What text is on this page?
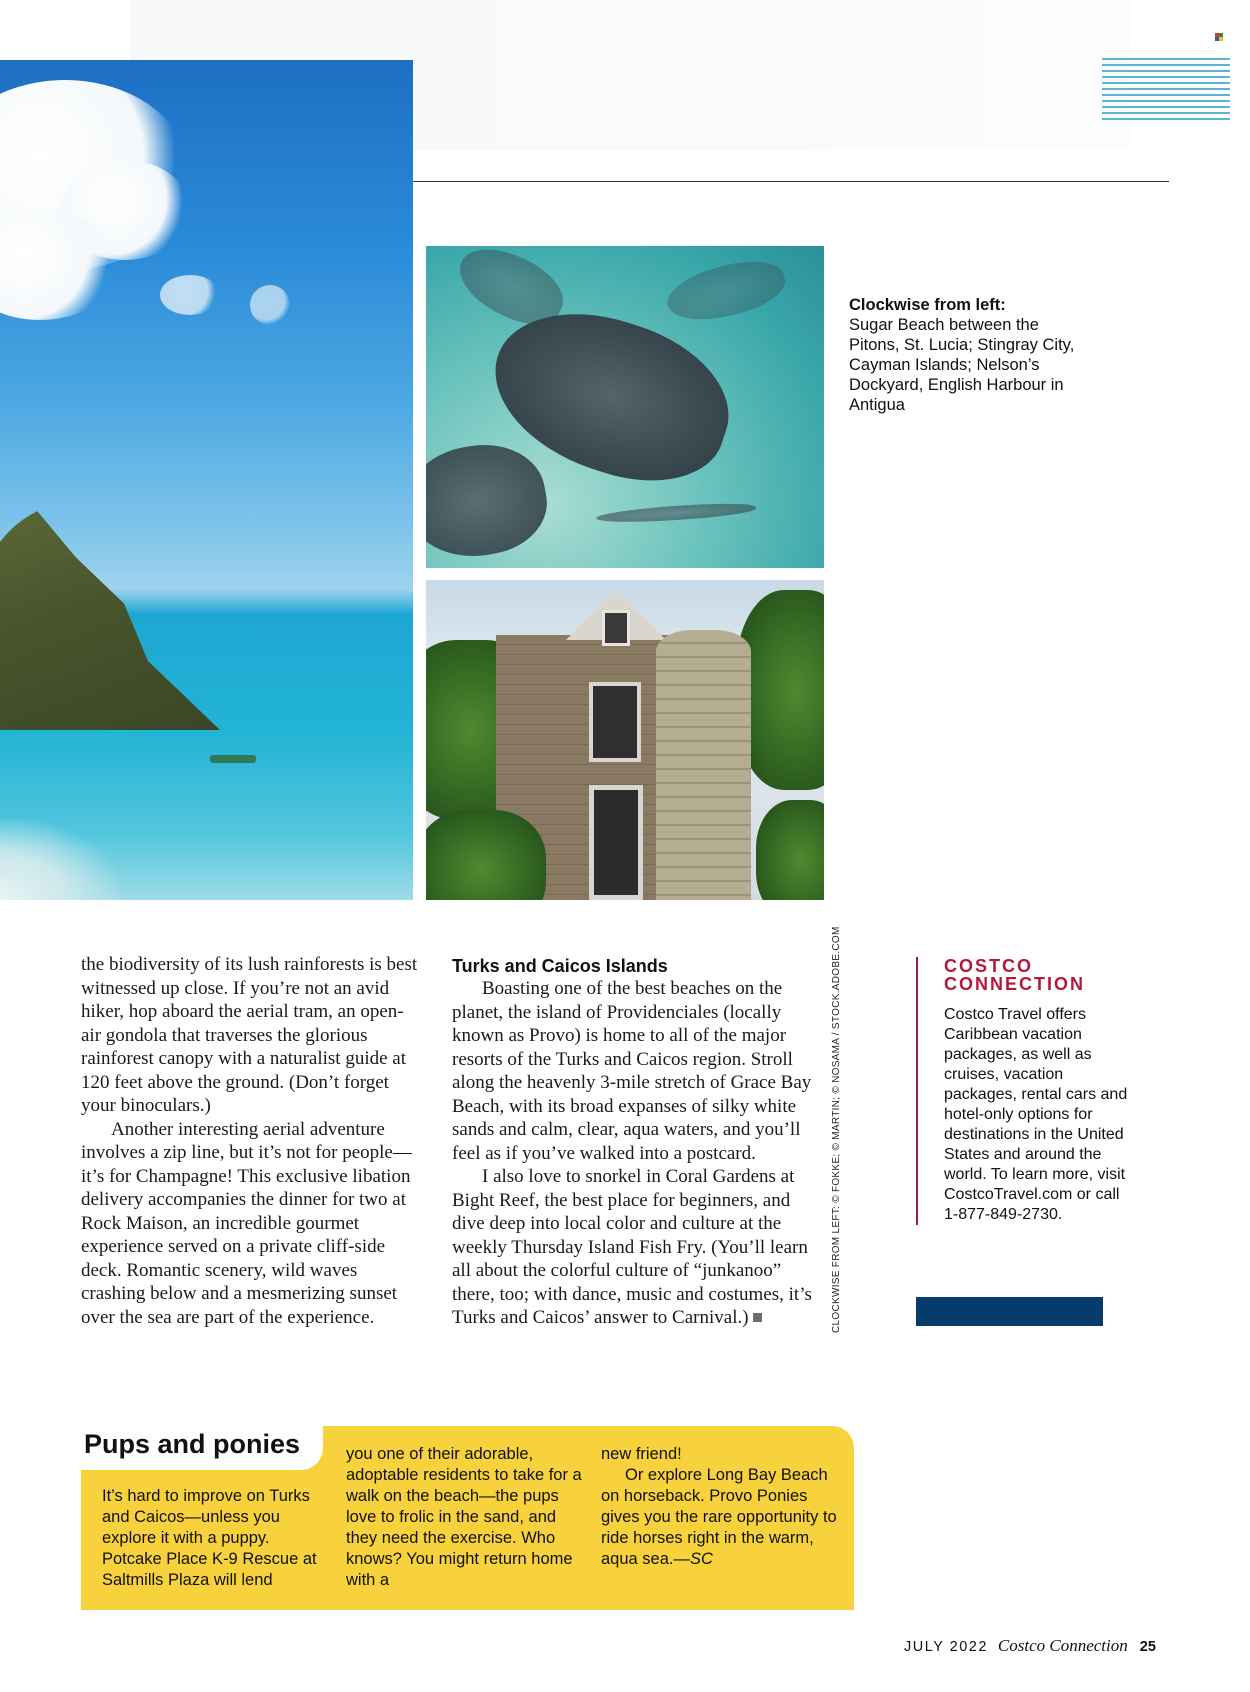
CLOCKWISE FROM LEFT: © FOKKE; © MARTIN; © NOSAMA / STOCK.ADOBE.COM
Clockwise from left:
Sugar Beach between the Pitons, St. Lucia; Stingray City, Cayman Islands; Nelson’s Dockyard, English Harbour in Antigua

the biodiversity of its lush rainforests is best witnessed up close. If you’re not an avid hiker, hop aboard the aerial tram, an open-air gondola that traverses the glorious rainforest canopy with a naturalist guide at 120 feet above the ground. (Don’t forget your binoculars.)

Another interesting aerial adventure involves a zip line, but it’s not for people—it’s for Champagne! This exclusive libation delivery accompanies the dinner for two at Rock Maison, an incredible gourmet experience served on a private cliff-side deck. Romantic scenery, wild waves crashing below and a mesmerizing sunset over the sea are part of the experience.

Turks and Caicos Islands

Boasting one of the best beaches on the planet, the island of Providenciales (locally known as Provo) is home to all of the major resorts of the Turks and Caicos region. Stroll along the heavenly 3-mile stretch of Grace Bay Beach, with its broad expanses of silky white sands and calm, clear, aqua waters, and you’ll feel as if you’ve walked into a postcard.

I also love to snorkel in Coral Gardens at Bight Reef, the best place for beginners, and dive deep into local color and culture at the weekly Thursday Island Fish Fry. (You’ll learn all about the colorful culture of “junkanoo” there, too; with dance, music and costumes, it’s Turks and Caicos’ answer to Carnival.)

COSTCO
CONNECTION
Costco Travel offers Caribbean vacation packages, as well as cruises, vacation packages, rental cars and hotel-only options for destinations in the United States and around the world. To learn more, visit CostcoTravel.com or call 1-877-849-2730.
Pups and ponies
It’s hard to improve on Turks and Caicos—unless you explore it with a puppy. Potcake Place K-9 Rescue at Saltmills Plaza will lend
you one of their adorable, adoptable residents to take for a walk on the beach—the pups love to frolic in the sand, and they need the exercise. Who knows? You might return home with a

new friend!

Or explore Long Bay Beach on horseback. Provo Ponies gives you the rare opportunity to ride horses right in the warm, aqua sea.—SC

JULY 2022 Costco Connection 25
